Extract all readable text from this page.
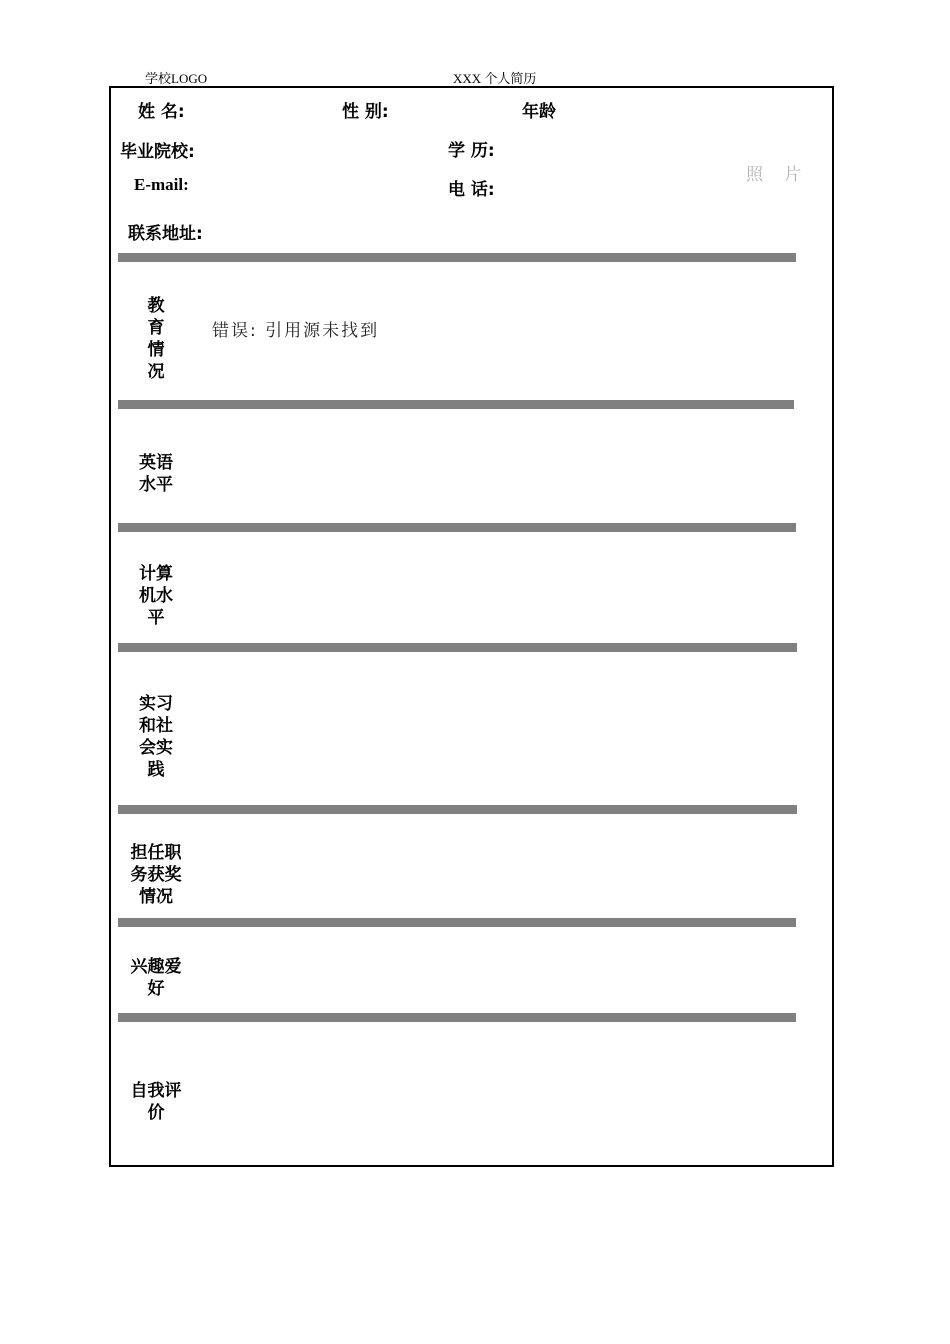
学校LOGO	XXX 个人简历
姓 名:	性 别:	年龄
毕业院校:	学 历:
E-mail:	电 话:
照 片
联系地址:
教
育
情
况
错误: 引用源未找到
英语
水平
计算
机水
平
实习
和社
会实
践
担任职
务获奖
情况
兴趣爱
好
自我评
价
